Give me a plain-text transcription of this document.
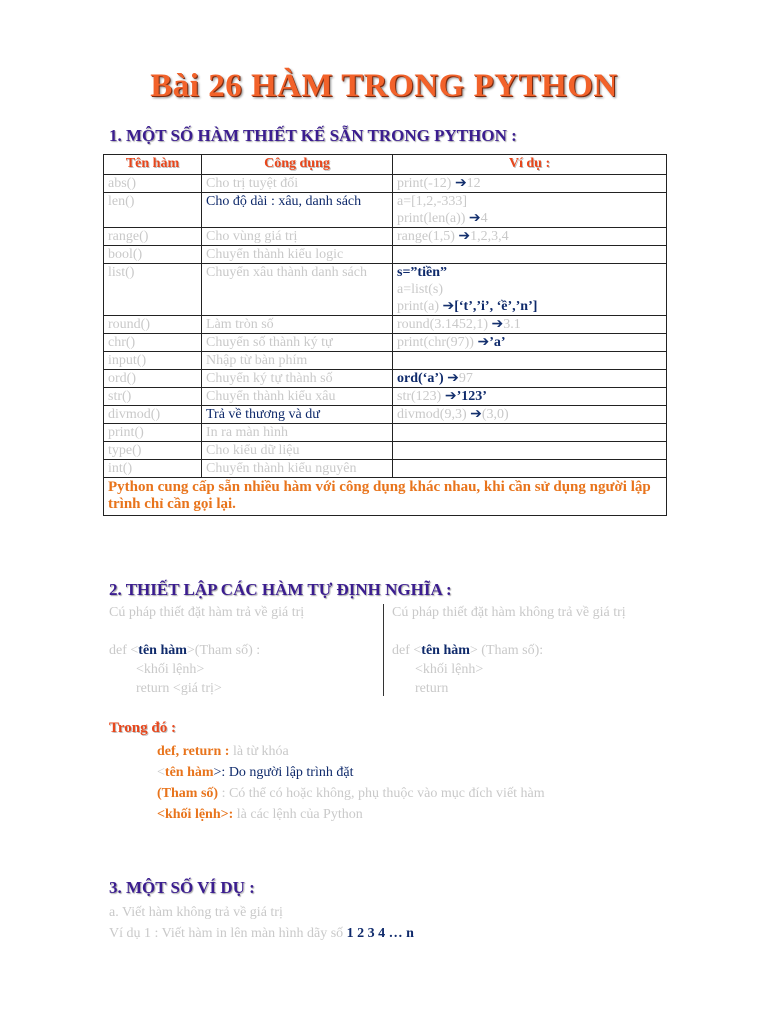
Bài 26 HÀM TRONG PYTHON
1. MỘT SỐ HÀM THIẾT KẾ SẴN TRONG PYTHON :
Tên hàm	Công dụng	Ví dụ :
abs()	Cho trị tuyệt đối	print(-12) ➔12
len()	Cho độ dài : xâu, danh sách	a=[1,2,-333]
print(len(a)) ➔4

range()	Cho vùng giá trị	range(1,5) ➔1,2,3,4
bool()	Chuyển thành kiểu logic	
list()	Chuyển xâu thành danh sách	s=”tiền”
a=list(s)
print(a) ➔[‘t’,’i’, ‘ề’,’n’]

round()	Làm tròn số	round(3.1452,1) ➔3.1
chr()	Chuyển số thành ký tự	print(chr(97)) ➔’a’
input()	Nhập từ bàn phím	
ord()	Chuyển ký tự thành số	ord(‘a’) ➔97
str()	Chuyển thành kiểu xâu	str(123) ➔’123’
divmod()	Trả về thương và dư	divmod(9,3) ➔(3,0)
print()	In ra màn hình	
type()	Cho kiểu dữ liệu	
int()	Chuyển thành kiểu nguyên	
Python cung cấp sẵn nhiều hàm với công dụng khác nhau, khi cần sử dụng người lập trình chỉ cần gọi lại.		
2. THIẾT LẬP CÁC HÀM TỰ ĐỊNH NGHĨA :
Cú pháp thiết đặt hàm trả về giá trị
def <tên hàm>(Tham số) :
<khối lệnh>
return <giá trị>
Cú pháp thiết đặt hàm không trả về giá trị
def <tên hàm> (Tham số):
<khối lệnh>
return
Trong đó :
def, return : là từ khóa
<tên hàm>: Do người lập trình đặt
(Tham số) : Có thể có hoặc không, phụ thuộc vào mục đích viết hàm
<khối lệnh>: là các lệnh của Python
3. MỘT SỐ VÍ DỤ :
a. Viết hàm không trả về giá trị
Ví dụ 1 : Viết hàm in lên màn hình dãy số 1 2 3 4 … n
